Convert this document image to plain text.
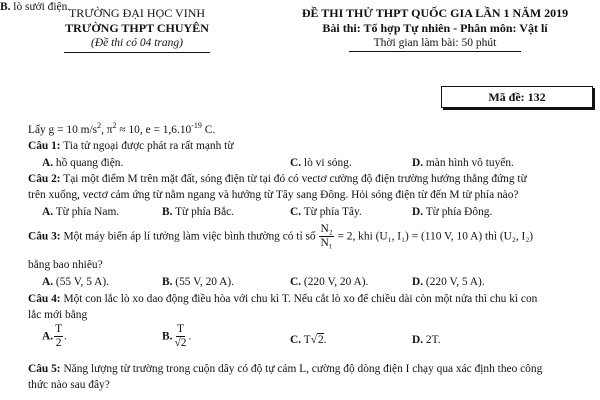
TRƯỜNG ĐẠI HỌC VINH
TRƯỜNG THPT CHUYÊN
(Đề thi có 04 trang)
ĐỀ THI THỬ THPT QUỐC GIA LẦN 1 NĂM 2019
Bài thi: Tổ hợp Tự nhiên - Phân môn: Vật lí
Thời gian làm bài: 50 phút
Mã đề: 132
Lấy g = 10 $m/s^2$, $\pi^2 \approx 10$, $e = 1,6.10^{-19}$ C.
Câu 1: Tia tử ngoại được phát ra rất mạnh từ
A. hồ quang điện.
B. lò sưởi điện.
C. lò vi sóng.	D. màn hình vô tuyến.
Câu 2: Tại một điểm M trên mặt đất, sóng điện từ tại đó có vectơ cường độ điện trường hướng thẳng đứng từ
trên xuống, vectơ cảm ứng từ nằm ngang và hướng từ Tây sang Đông. Hỏi sóng điện từ đến M từ phía nào?
A. Từ phía Nam.	B. Từ phía Bắc.	C. Từ phía Tây.	D. Từ phía Đông.
Câu 3: Một máy biến áp lí tưởng làm việc bình thường có tỉ số $\frac{\text{N₂}}{\text{N₁}} = 2$, khi (U₁, I₁) = (110 V, 10 A) thì (U₂, I₂)
bằng bao nhiêu?
A. (55 V, 5 A).	B. (55 V, 20 A).	C. (220 V, 20 A).	D. (220 V, 5 A).
Câu 4: Một con lắc lò xo dao động điều hòa với chu kì T. Nếu cắt lò xo để chiều dài còn một nửa thì chu kì con
lắc mới bằng
A. $\frac{T}{2}$ .	B. $\frac{T}{√2}$ .	C. T√2.	D. 2T.
Câu 5: Năng lượng từ trường trong cuộn dây có độ tự cảm L, cường độ dòng điện I chạy qua xác định theo công
thức nào sau đây?
